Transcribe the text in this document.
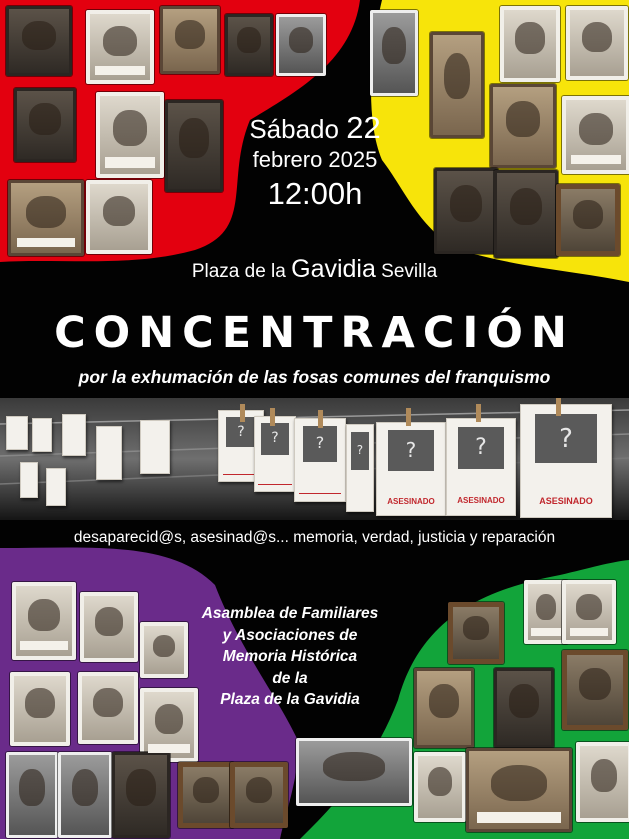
?	?	?	?	?
ASESINADO
?
ASESINADO
?
ASESINADO
Sábado 22
febrero 2025
12:00h
Plaza de la Gavidia Sevilla
CONCENTRACIÓN
por la exhumación de las fosas comunes del franquismo
desaparecid@s, asesinad@s... memoria, verdad, justicia y reparación
Asamblea de Familiares
y Asociaciones de
Memoria Histórica
de la
Plaza de la Gavidia
